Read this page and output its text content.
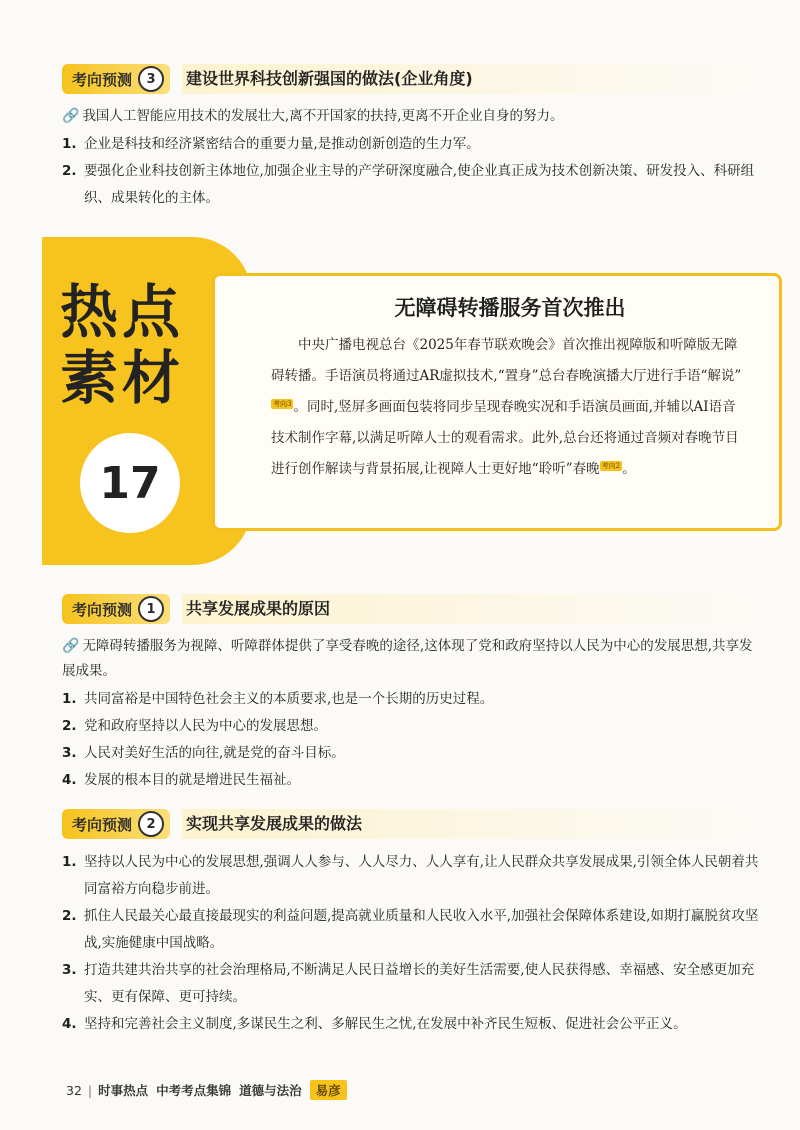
考向预测	3	建设世界科技创新强国的做法(企业角度)
🔗 我国人工智能应用技术的发展壮大,离不开国家的扶持,更离不开企业自身的努力。
1. 企业是科技和经济紧密结合的重要力量,是推动创新创造的生力军。
2. 要强化企业科技创新主体地位,加强企业主导的产学研深度融合,使企业真正成为技术创新决策、研发投入、科研组织、成果转化的主体。
热点
素材
17
无障碍转播服务首次推出

中央广播电视总台《2025年春节联欢晚会》首次推出视障版和听障版无障碍转播。手语演员将通过AR虚拟技术,“置身”总台春晚演播大厅进行手语“解说”考向3 。同时,竖屏多画面包装将同步呈现春晚实况和手语演员画面,并辅以AI语音技术制作字幕,以满足听障人士的观看需求。此外,总台还将通过音频对春晚节目进行创作解读与背景拓展,让视障人士更好地“聆听”春晚 考向2 。

考向预测	1	共享发展成果的原因
🔗 无障碍转播服务为视障、听障群体提供了享受春晚的途径,这体现了党和政府坚持以人民为中心的发展思想,共享发展成果。
1. 共同富裕是中国特色社会主义的本质要求,也是一个长期的历史过程。
2. 党和政府坚持以人民为中心的发展思想。
3. 人民对美好生活的向往,就是党的奋斗目标。
4. 发展的根本目的就是增进民生福祉。
考向预测	2	实现共享发展成果的做法
1. 坚持以人民为中心的发展思想,强调人人参与、人人尽力、人人享有,让人民群众共享发展成果,引领全体人民朝着共同富裕方向稳步前进。
2. 抓住人民最关心最直接最现实的利益问题,提高就业质量和人民收入水平,加强社会保障体系建设,如期打赢脱贫攻坚战,实施健康中国战略。
3. 打造共建共治共享的社会治理格局,不断满足人民日益增长的美好生活需要,使人民获得感、幸福感、安全感更加充实、更有保障、更可持续。
4. 坚持和完善社会主义制度,多谋民生之利、多解民生之忧,在发展中补齐民生短板、促进社会公平正义。
32 | 时事热点 中考考点集锦 道德与法治	易彦
